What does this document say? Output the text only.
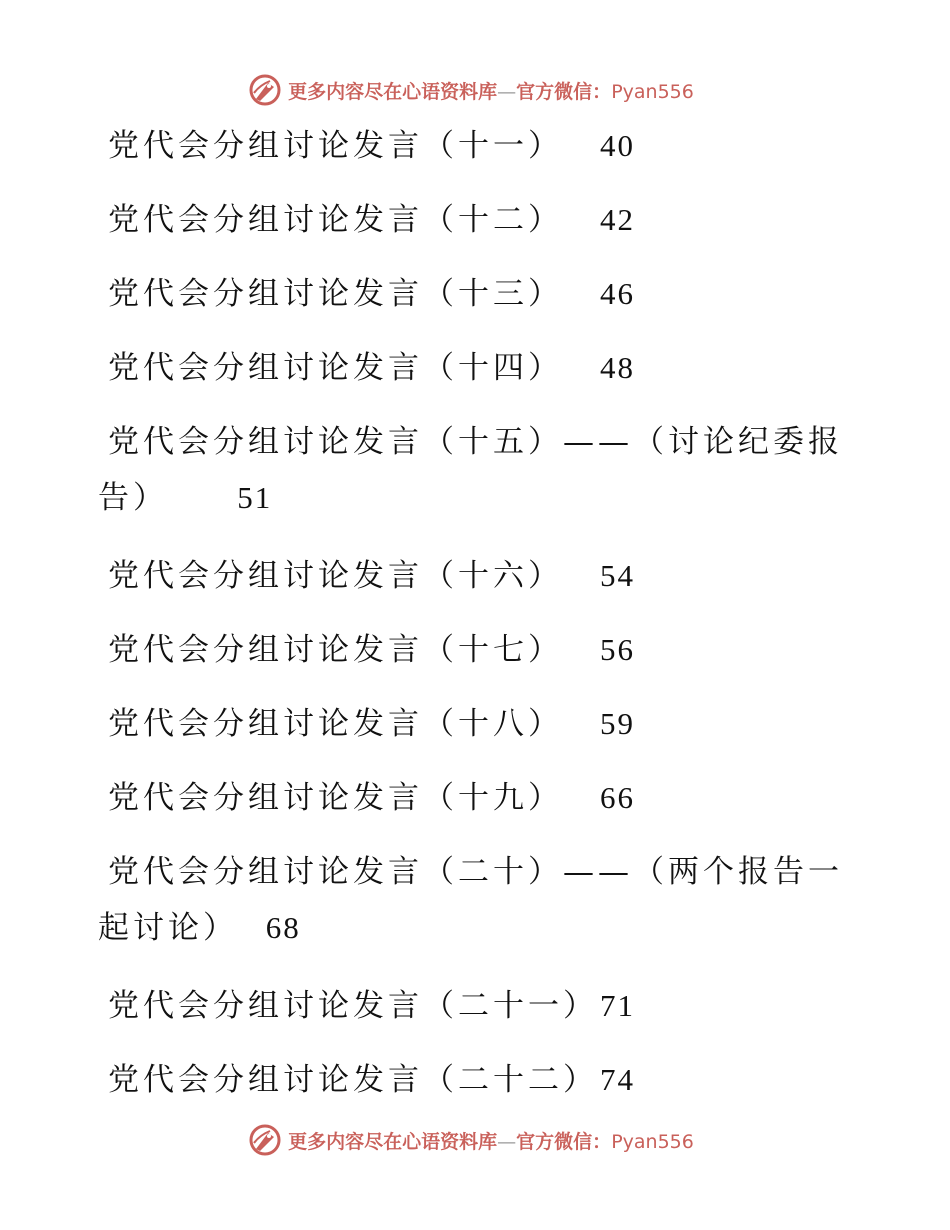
更多内容尽在心语资料库—官方微信：Pyan556
党代会分组讨论发言（十一） 40
党代会分组讨论发言（十二） 42
党代会分组讨论发言（十三） 46
党代会分组讨论发言（十四） 48
党代会分组讨论发言（十五）——（讨论纪委报
告） 51
党代会分组讨论发言（十六） 54
党代会分组讨论发言（十七） 56
党代会分组讨论发言（十八） 59
党代会分组讨论发言（十九） 66
党代会分组讨论发言（二十）——（两个报告一
起讨论） 68
党代会分组讨论发言（二十一） 71
党代会分组讨论发言（二十二） 74
更多内容尽在心语资料库—官方微信：Pyan556
